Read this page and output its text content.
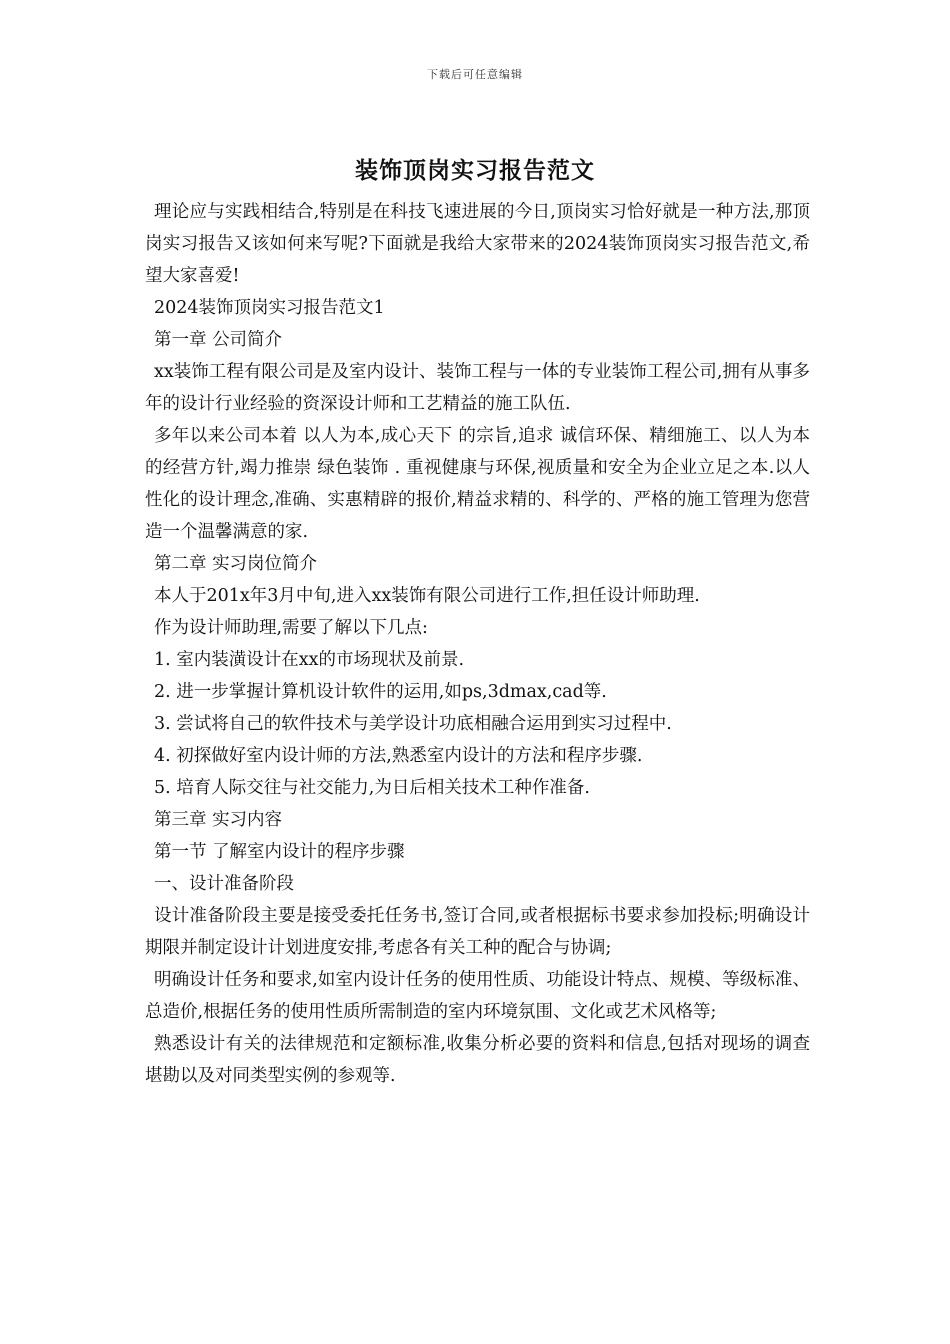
下载后可任意编辑
装饰顶岗实习报告范文

理论应与实践相结合,特别是在科技飞速进展的今日,顶岗实习恰好就是一种方法,那顶岗实习报告又该如何来写呢?下面就是我给大家带来的2024装饰顶岗实习报告范文,希望大家喜爱!

2024装饰顶岗实习报告范文1

第一章 公司简介

xx装饰工程有限公司是及室内设计、装饰工程与一体的专业装饰工程公司,拥有从事多年的设计行业经验的资深设计师和工艺精益的施工队伍.

多年以来公司本着 以人为本,成心天下 的宗旨,追求 诚信环保、精细施工、以人为本 的经营方针,竭力推崇 绿色装饰 . 重视健康与环保,视质量和安全为企业立足之本.以人性化的设计理念,准确、实惠精辟的报价,精益求精的、科学的、严格的施工管理为您营造一个温馨满意的家.

第二章 实习岗位简介

本人于201x年3月中旬,进入xx装饰有限公司进行工作,担任设计师助理.

作为设计师助理,需要了解以下几点:

1. 室内装潢设计在xx的市场现状及前景.

2. 进一步掌握计算机设计软件的运用,如ps,3dmax,cad等.

3. 尝试将自己的软件技术与美学设计功底相融合运用到实习过程中.

4. 初探做好室内设计师的方法,熟悉室内设计的方法和程序步骤.

5. 培育人际交往与社交能力,为日后相关技术工种作准备.

第三章 实习内容

第一节 了解室内设计的程序步骤

一、设计准备阶段

设计准备阶段主要是接受委托任务书,签订合同,或者根据标书要求参加投标;明确设计期限并制定设计计划进度安排,考虑各有关工种的配合与协调;

明确设计任务和要求,如室内设计任务的使用性质、功能设计特点、规模、等级标准、总造价,根据任务的使用性质所需制造的室内环境氛围、文化或艺术风格等;

熟悉设计有关的法律规范和定额标准,收集分析必要的资料和信息,包括对现场的调查堪勘以及对同类型实例的参观等.
